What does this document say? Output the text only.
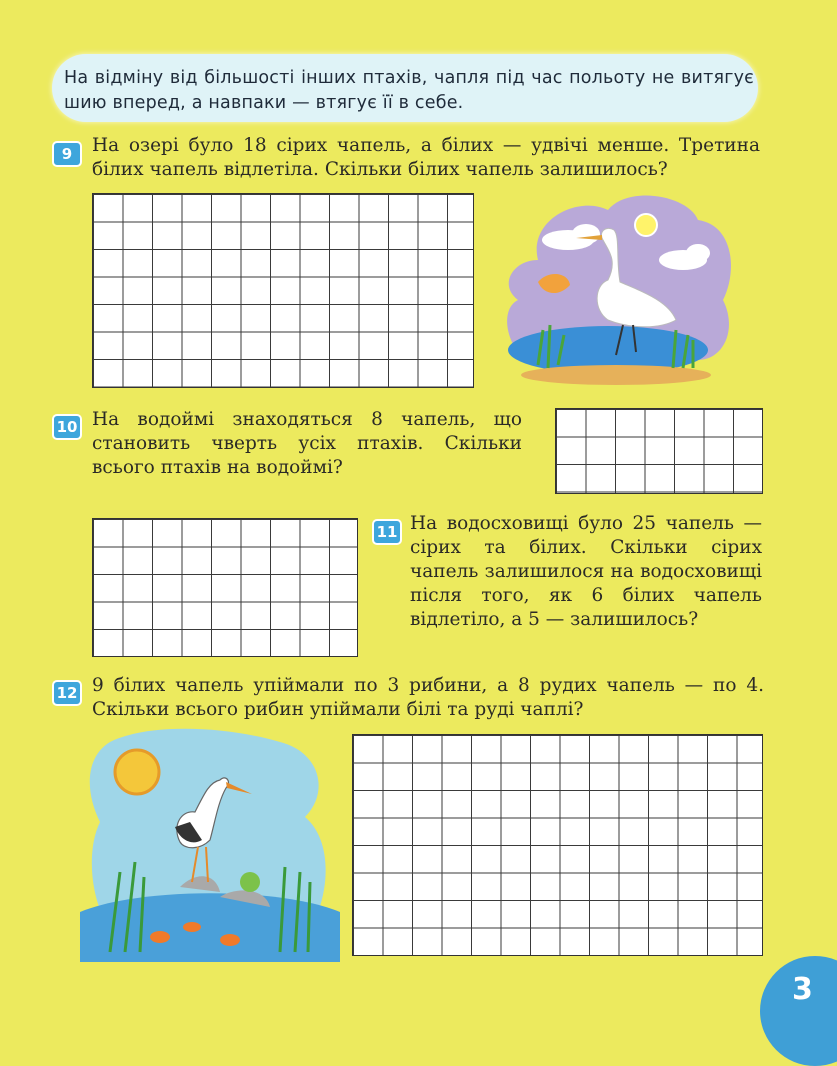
На відміну від більшості інших птахів, чапля під час польоту не витягує шию вперед, а навпаки — втягує її в себе.
9	На озері було 18 сірих чапель, а білих — удвічі менше. Третина білих чапель відлетіла. Скільки білих чапель залишилось?
10 На водоймі знаходяться 8 чапель, що становить чверть усіх птахів. Скільки всього птахів на водоймі?
11 На водосховищі було 25 чапель — сірих та білих. Скільки сірих чапель залишилося на водосховищі після того, як 6 білих чапель відлетіло, а 5 — залишилось?
12 9 білих чапель упіймали по 3 рибини, а 8 рудих чапель — по 4. Скільки всього рибин упіймали білі та руді чаплі?
3
